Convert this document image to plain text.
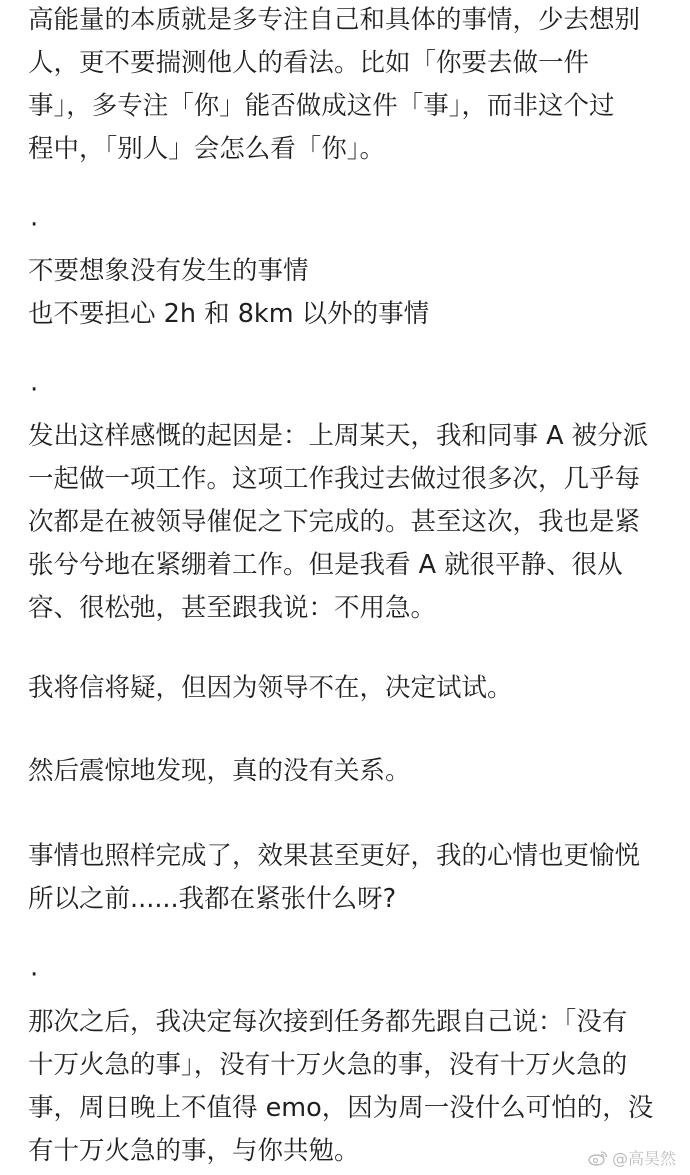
高能量的本质就是多专注自己和具体的事情，少去想别
人，更不要揣测他人的看法。比如「你要去做一件
事」，多专注「你」能否做成这件「事」，而非这个过
程中，「别人」会怎么看「你」。
·
不要想象没有发生的事情
也不要担心 2h 和 8km 以外的事情
·
发出这样感慨的起因是：上周某天，我和同事 A 被分派
一起做一项工作。这项工作我过去做过很多次，几乎每
次都是在被领导催促之下完成的。甚至这次，我也是紧
张兮兮地在紧绷着工作。但是我看 A 就很平静、很从
容、很松弛，甚至跟我说：不用急。
我将信将疑，但因为领导不在，决定试试。
然后震惊地发现，真的没有关系。
事情也照样完成了，效果甚至更好，我的心情也更愉悦
所以之前......我都在紧张什么呀?
·
那次之后，我决定每次接到任务都先跟自己说：「没有
十万火急的事」，没有十万火急的事，没有十万火急的
事，周日晚上不值得 emo，因为周一没什么可怕的，没
有十万火急的事，与你共勉。	@高昊然
